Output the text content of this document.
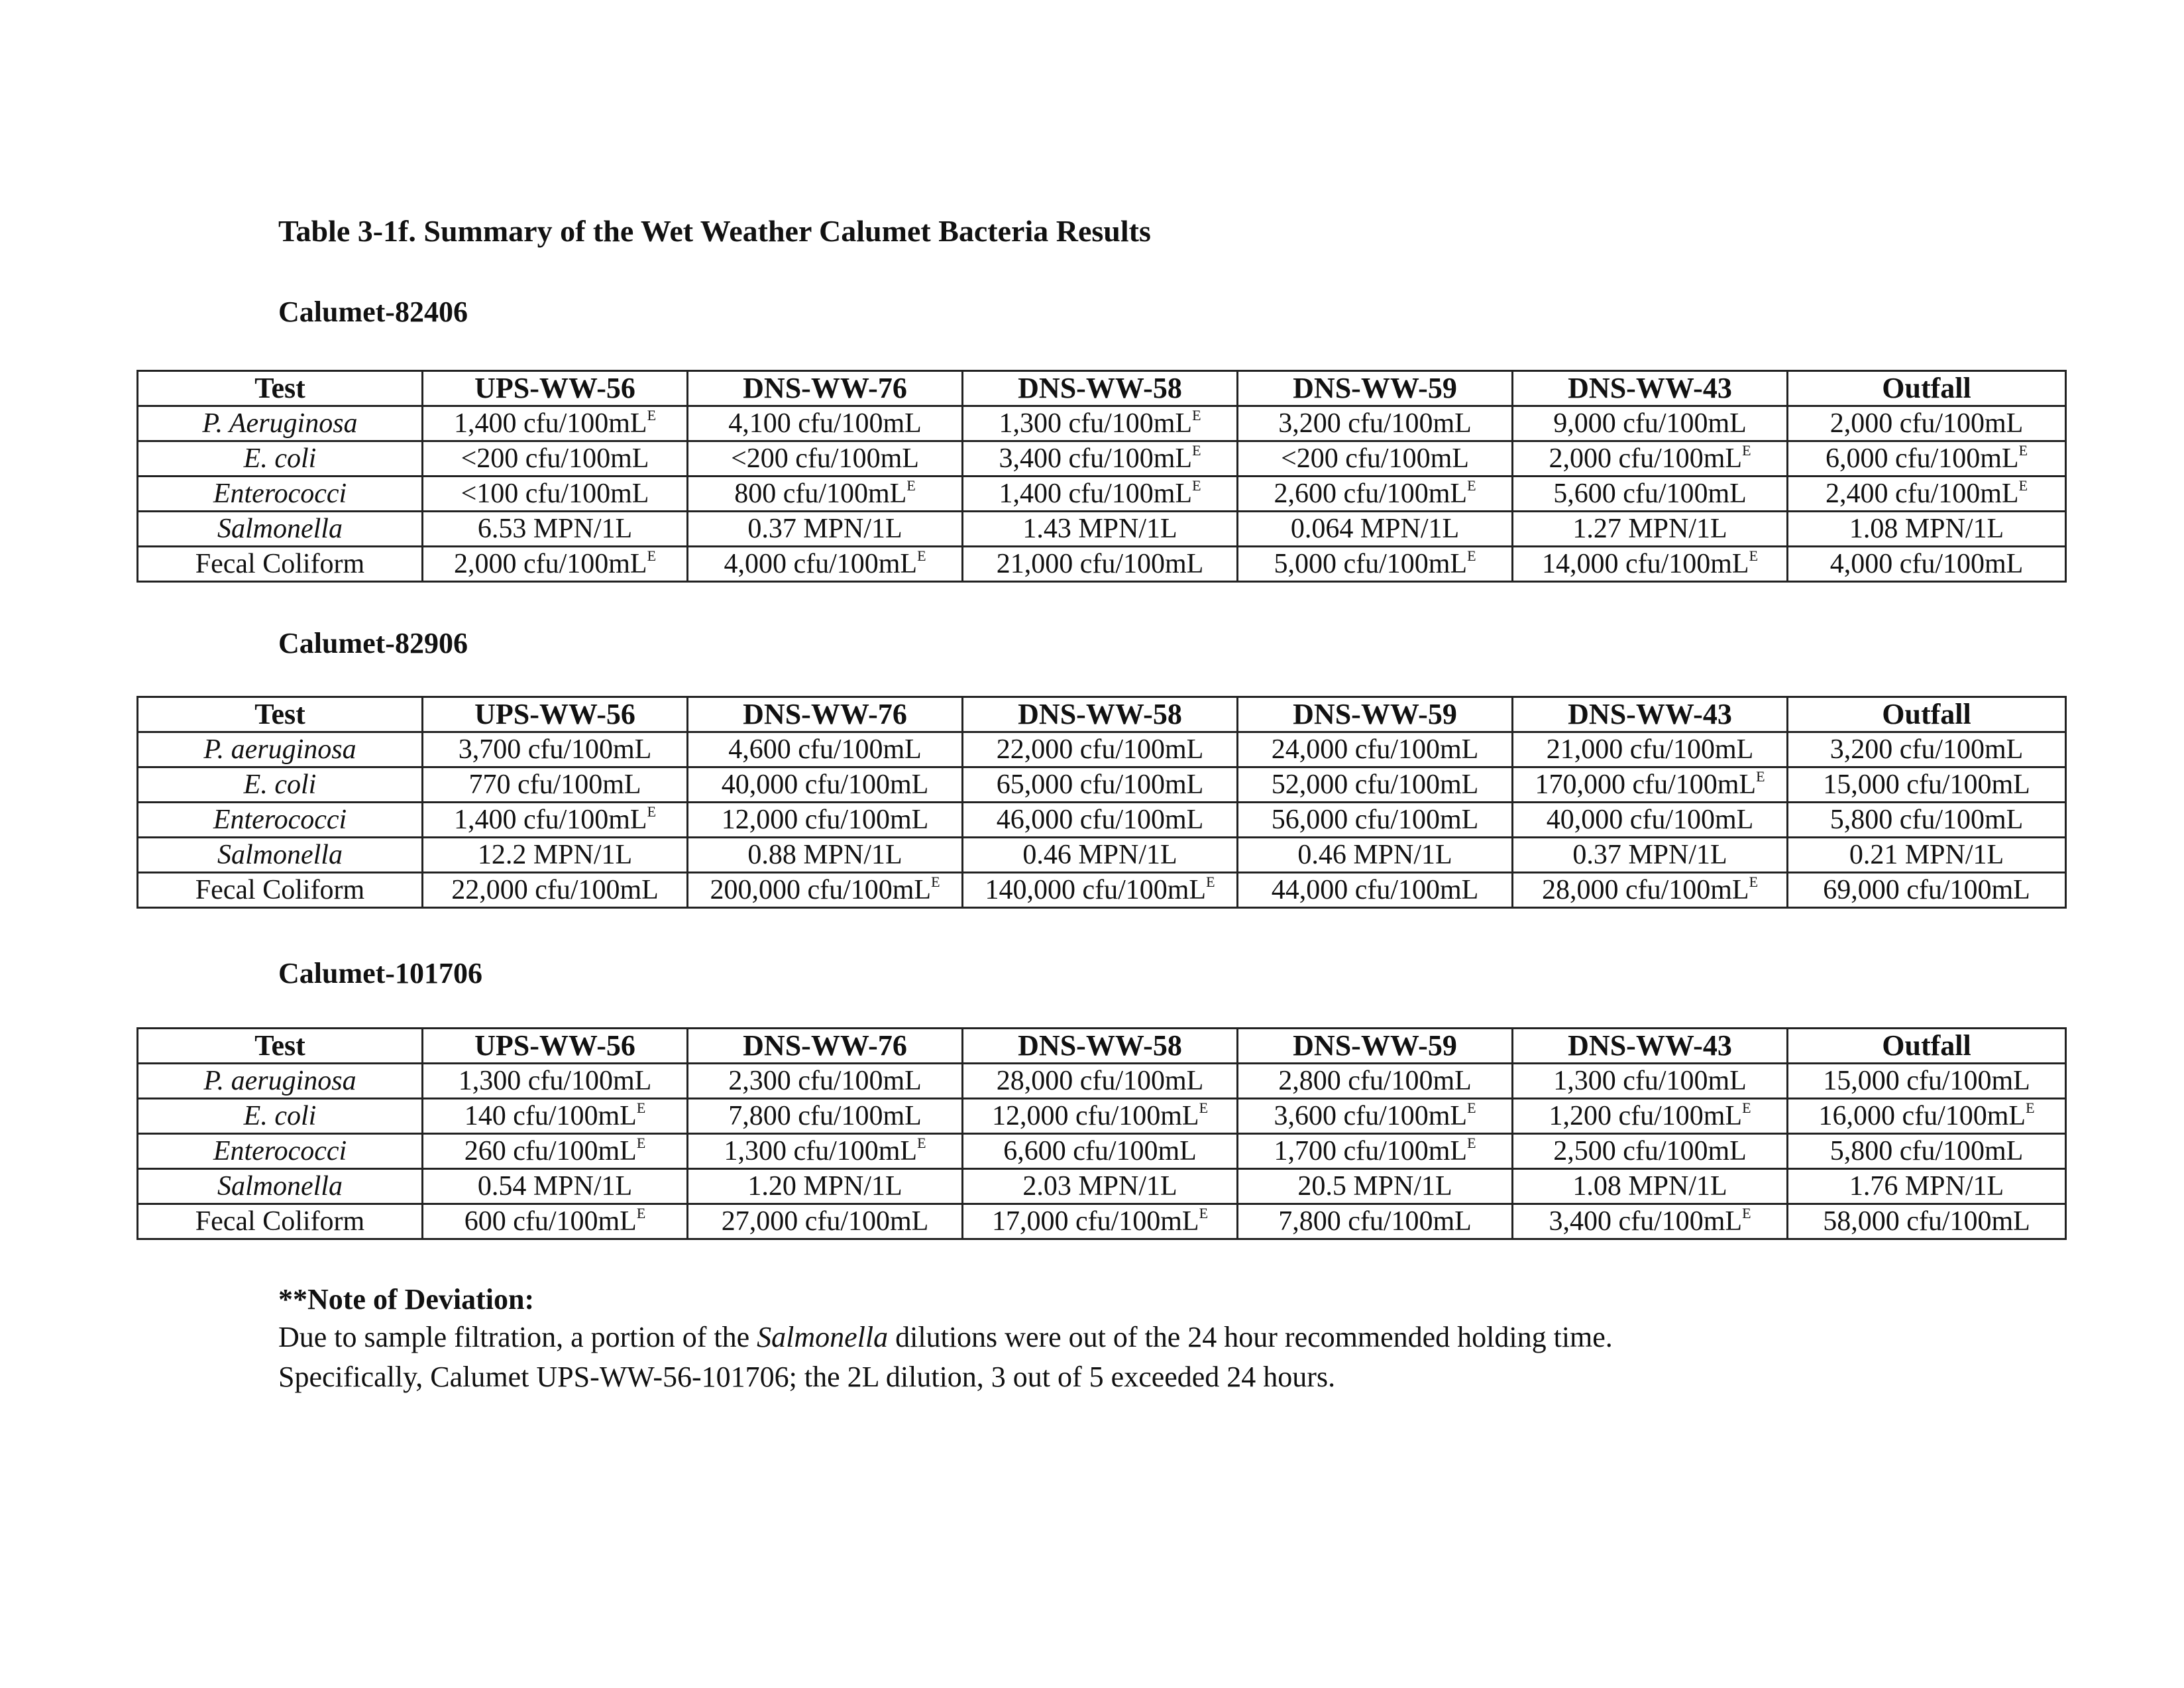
Table 3-1f. Summary of the Wet Weather Calumet Bacteria Results
Calumet-82406
Test	UPS-WW-56	DNS-WW-76	DNS-WW-58	DNS-WW-59	DNS-WW-43	Outfall
P. Aeruginosa	1,400 cfu/$100mL^E$	4,100 cfu/100mL	1,300 cfu/$100mL^E$	3,200 cfu/100mL	9,000 cfu/100mL	2,000 cfu/100mL
E. coli	<200 cfu/100mL	<200 cfu/100mL	3,400 cfu/$100mL^E$	<200 cfu/100mL	2,000 cfu/$100mL^E$	6,000 cfu/$100mL^E$
Enterococci	<100 cfu/100mL	800 cfu/$100mL^E$	1,400 cfu/$100mL^E$	2,600 cfu/$100mL^E$	5,600 cfu/100mL	2,400 cfu/$100mL^E$
Salmonella	6.53 MPN/1L	0.37 MPN/1L	1.43 MPN/1L	0.064 MPN/1L	1.27 MPN/1L	1.08 MPN/1L
Fecal Coliform	2,000 cfu/$100mL^E$	4,000 cfu/$100mL^E$	21,000 cfu/100mL	5,000 cfu/$100mL^E$	14,000 cfu/$100mL^E$	4,000 cfu/100mL
Calumet-82906
Test	UPS-WW-56	DNS-WW-76	DNS-WW-58	DNS-WW-59	DNS-WW-43	Outfall
P. aeruginosa	3,700 cfu/100mL	4,600 cfu/100mL	22,000 cfu/100mL	24,000 cfu/100mL	21,000 cfu/100mL	3,200 cfu/100mL
E. coli	770 cfu/100mL	40,000 cfu/100mL	65,000 cfu/100mL	52,000 cfu/100mL	170,000 cfu/$100mL^E$	15,000 cfu/100mL
Enterococci	1,400 cfu/$100mL^E$	12,000 cfu/100mL	46,000 cfu/100mL	56,000 cfu/100mL	40,000 cfu/100mL	5,800 cfu/100mL
Salmonella	12.2 MPN/1L	0.88 MPN/1L	0.46 MPN/1L	0.46 MPN/1L	0.37 MPN/1L	0.21 MPN/1L
Fecal Coliform	22,000 cfu/100mL	200,000 cfu/$100mL^E$	140,000 cfu/$100mL^E$	44,000 cfu/100mL	28,000 cfu/$100mL^E$	69,000 cfu/100mL
Calumet-101706
Test	UPS-WW-56	DNS-WW-76	DNS-WW-58	DNS-WW-59	DNS-WW-43	Outfall
P. aeruginosa	1,300 cfu/100mL	2,300 cfu/100mL	28,000 cfu/100mL	2,800 cfu/100mL	1,300 cfu/100mL	15,000 cfu/100mL
E. coli	140 cfu/$100mL^E$	7,800 cfu/100mL	12,000 cfu/$100mL^E$	3,600 cfu/$100mL^E$	1,200 cfu/$100mL^E$	16,000 cfu/$100mL^E$
Enterococci	260 cfu/$100mL^E$	1,300 cfu/$100mL^E$	6,600 cfu/100mL	1,700 cfu/$100mL^E$	2,500 cfu/100mL	5,800 cfu/100mL
Salmonella	0.54 MPN/1L	1.20 MPN/1L	2.03 MPN/1L	20.5 MPN/1L	1.08 MPN/1L	1.76 MPN/1L
Fecal Coliform	600 cfu/$100mL^E$	27,000 cfu/100mL	17,000 cfu/$100mL^E$	7,800 cfu/100mL	3,400 cfu/$100mL^E$	58,000 cfu/100mL
**Note of Deviation:
Due to sample filtration, a portion of the Salmonella dilutions were out of the 24 hour recommended holding time.
Specifically, Calumet UPS-WW-56-101706; the 2L dilution, 3 out of 5 exceeded 24 hours.
